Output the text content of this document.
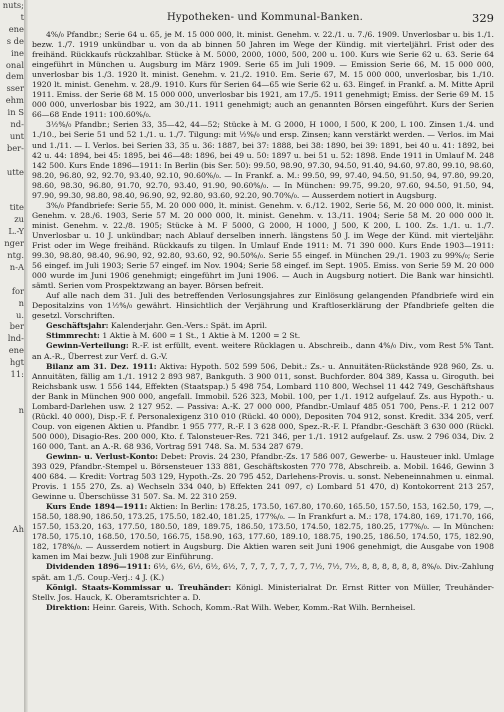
nuts;
t
ene
s de
ine
onal
dem
sser
ehm
in S
nd-
unt
ber-

utte

tite
zu
L.-Y
nger
ntg.
n-A

for
n
u.
ber
lnd-
ene
hgt
11:

n

Ah

Hypotheken- und Kommunal-Banken.	329

4%/₀ Pfandbr.; Serie 64 u. 65, je M. 15 000 000, lt. minist. Genehm. v. 22./1. u. 7./6. 1909. Unverlosbar u. bis 1./1. bezw. 1./7. 1919 unkündbar u. von da ab binnen 50 Jahren im Wege der Kündig. mit vierteljährl. Frist oder des freihänd. Rückkaufs rückzahlbar. Stücke à M. 5000, 2000, 1000, 500, 200 u. 100. Kurs wie Serie 62 u. 63. Serie 64 eingeführt in München u. Augsburg im März 1909. Serie 65 im Juli 1909. — Emission Serie 66, M. 15 000 000, unverlosbar bis 1./3. 1920 lt. minist. Genehm. v. 21./2. 1910. Em. Serie 67, M. 15 000 000, unverlosbar, bis 1./10. 1920 lt. minist. Genehm. v. 28./9. 1910. Kurs für Serien 64—65 wie Serie 62 u. 63. Eingef. in Frankf. a. M. Mitte April 1911. Emiss. der Serie 68 M. 15 000 000, unverlosbar bis 1921, am 17./5. 1911 genehmigt; Emiss. der Serie 69 M. 15 000 000, unverlosbar bis 1922, am 30./11. 1911 genehmigt; auch an genannten Börsen eingeführt. Kurs der Serien 66—68 Ende 1911: 100.60%/₀.

3½%/₀ Pfandbr.; Serien 33, 35—42, 44—52; Stücke à M. G 2000, H 1000, I 500, K 200, L 100. Zinsen 1./4. und 1./10., bei Serie 51 und 52 1./1. u. 1./7. Tilgung: mit ½%/₀ und ersp. Zinsen; kann verstärkt werden. — Verlos. im Mai und 1./11. — I. Verlos. bei Serien 33, 35 u. 36: 1887, bei 37: 1888, bei 38: 1890, bei 39: 1891, bei 40 u. 41: 1892, bei 42 u. 44: 1894, bei 45: 1895, bei 46—48: 1896, bei 49 u. 50: 1897 u. bei 51 u. 52: 1898. Ende 1911 in Umlauf M. 248 142 500. Kurs Ende 1896—1911: In Berlin (bis Ser. 50): 99.50, 98.90, 97.30, 94.50, 91.40, 94.60, 97.80, 99.10, 98.60, 98.20, 96.80, 92, 92.70, 93.40, 92.10, 90.60%/₀. — In Frankf. a. M.: 99.50, 99, 97.40, 94.50, 91.50, 94, 97.80, 99.20, 98.60, 98.30, 96.80, 91.70, 92.70, 93.40, 91.90, 90.60%/₀. — In München: 99.75, 99.20, 97.60, 94.50, 91.50, 94, 97.90, 99.30, 98.80, 98.40, 96.90, 92, 92.80, 93.60, 92.20, 90.70%/₀. — Ausserdem notiert in Augsburg.

3%/₀ Pfandbriefe: Serie 55, M. 20 000 000, lt. minist. Genehm. v. 6./12. 1902, Serie 56, M. 20 000 000, lt. minist. Genehm. v. 28./6. 1903, Serie 57 M. 20 000 000, lt. minist. Genehm. v. 13./11. 1904; Serie 58 M. 20 000 000 lt. minist. Genehm. v. 22./8. 1905; Stücke à M. F 5000, G 2000, H 1000, J 500, K 200, L 100. Zs. 1./1. u. 1./7. Unverlosbar u. 10 J. unkündbar; nach Ablauf derselben innerh. längstens 50 J. im Wege der Künd. mit vierteljähr. Frist oder im Wege freihänd. Rückkaufs zu tilgen. In Umlauf Ende 1911: M. 71 390 000. Kurs Ende 1903—1911: 99.30, 98.80, 98.40, 96.90, 92, 92.80, 93.60, 92, 90.50%/₀. Serie 55 eingef. in München 29./1. 1903 zu 99%/₀; Serie 56 eingef. im Juli 1903; Serie 57 eingef. im Nov. 1904; Serie 58 eingef. im Sept. 1905. Emiss. von Serie 59 M. 20 000 000 wurde im Juni 1906 genehmigt; eingeführt im Juni 1906. — Auch in Augsburg notiert. Die Bank war hinsichtl. sämtl. Serien vom Prospektzwang an bayer. Börsen befreit.

Auf alle nach dem 31. Juli des betreffenden Verlosungsjahres zur Einlösung gelangenden Pfandbriefe wird ein Depositalzins von 1½%/₀ gewährt. Hinsichtlich der Verjährung und Kraftloserklärung der Pfandbriefe gelten die gesetzl. Vorschriften.

Geschäftsjahr: Kalenderjahr. Gen.-Vers.: Spät. im April.

Stimmrecht: 1 Aktie à M. 600 = 1 St., 1 Aktie à M. 1200 = 2 St.

Gewinn-Verteilung: R.-F. ist erfüllt, event. weitere Rücklagen u. Abschreib., dann 4%/₀ Div., vom Rest 5% Tant. an A.-R., Überrest zur Verf. d. G.-V.

Bilanz am 31. Dez. 1911: Aktiva: Hypoth. 502 599 506, Debit.: Zs.- u. Annuitäten-Rückstände 928 960, Zs. u. Annuitäten, fällig am 1./1. 1912 2 893 987, Bankguth. 3 900 011, sonst. Buchforder. 804 389, Kassa u. Giroguth. bei Reichsbank usw. 1 556 144, Effekten (Staatspap.) 5 498 754, Lombard 110 800, Wechsel 11 442 749, Geschäftshaus der Bank in München 900 000, angefall. Immobil. 526 323, Mobil. 100, per 1./1. 1912 aufgelauf. Zs. aus Hypoth.- u. Lombard-Darlehen usw. 2 127 952. — Passiva: A.-K. 27 000 000, Pfandbr.-Umlauf 485 051 700, Pens.-F. 1 212 007 (Rückl. 40 000), Disp.-F. f. Personalexigenz 310 010 (Rückl. 40 000), Depositen 704 912, sonst. Kredit. 334 205, verf. Coup. von eigenen Aktien u. Pfandbr. 1 955 777, R.-F. I 3 628 000, Spez.-R.-F. I. Pfandbr.-Geschäft 3 630 000 (Rückl. 500 000), Disagio-Res. 200 000, Kto. f. Talonsteuer-Res. 721 346, per 1./1. 1912 aufgelauf. Zs. usw. 2 796 034, Div. 2 160 000, Tant. an A.-R. 68 936, Vortrag 591 748. Sa. M. 534 287 679.

Gewinn- u. Verlust-Konto: Debet: Provis. 24 230, Pfandbr.-Zs. 17 586 007, Gewerbe- u. Hausteuer inkl. Umlage 393 029, Pfandbr.-Stempel u. Börsensteuer 133 881, Geschäftskosten 770 778, Abschreib. a. Mobil. 1646, Gewinn 3 400 684. — Kredit: Vortrag 503 129, Hypoth.-Zs. 20 795 452, Darlehens-Provis. u. sonst. Nebeneinnahmen u. einmal. Provis. 1 155 270, Zs. a) Wechseln 334 040, b) Effekten 241 097, c) Lombard 51 470, d) Kontokorrent 213 257, Gewinne u. Überschüsse 31 507. Sa. M. 22 310 259.

Kurs Ende 1894—1911: Aktien: In Berlin: 178.25, 173.50, 167.80, 170.60, 165.50, 157.50, 153, 162.50, 179, —, 158.50, 188.90, 186.50, 173.25, 175.50, 182.40, 181.25, 177%/₀. — In Frankfurt a. M.: 178, 174.80, 169, 171.70, 166, 157.50, 153.20, 163, 177.50, 180.50, 189, 189.75, 186.50, 173.50, 174.50, 182.75, 180.25, 177%/₀. — In München: 178.50, 175.10, 168.50, 170.50, 166.75, 158.90, 163, 177.60, 189.10, 188.75, 190.25, 186.50, 174.50, 175, 182.90, 182, 178%/₀. — Ausserdem notiert in Augsburg. Die Aktien waren seit Juni 1906 genehmigt, die Ausgabe von 1908 kamen im Mai bezw. Juli 1908 zur Einführung.

Dividenden 1896—1911: 6½, 6½, 6½, 6½, 6½, 7, 7, 7, 7, 7, 7, 7, 7½, 7½, 7½, 8, 8, 8, 8, 8, 8, 8%/₀. Div.-Zahlung spät. am 1./5. Coup.-Verj.: 4 J. (K.)

Königl. Staats-Kommissar u. Treuhänder: Königl. Ministerialrat Dr. Ernst Ritter von Müller, Treuhänder-Stellv. Jos. Hauck, K. Oberamtsrichter a. D.

Direktion: Heinr. Gareis, With. Schoch, Komm.-Rat Wilh. Weber, Komm.-Rat Wilh. Bernheisel.
